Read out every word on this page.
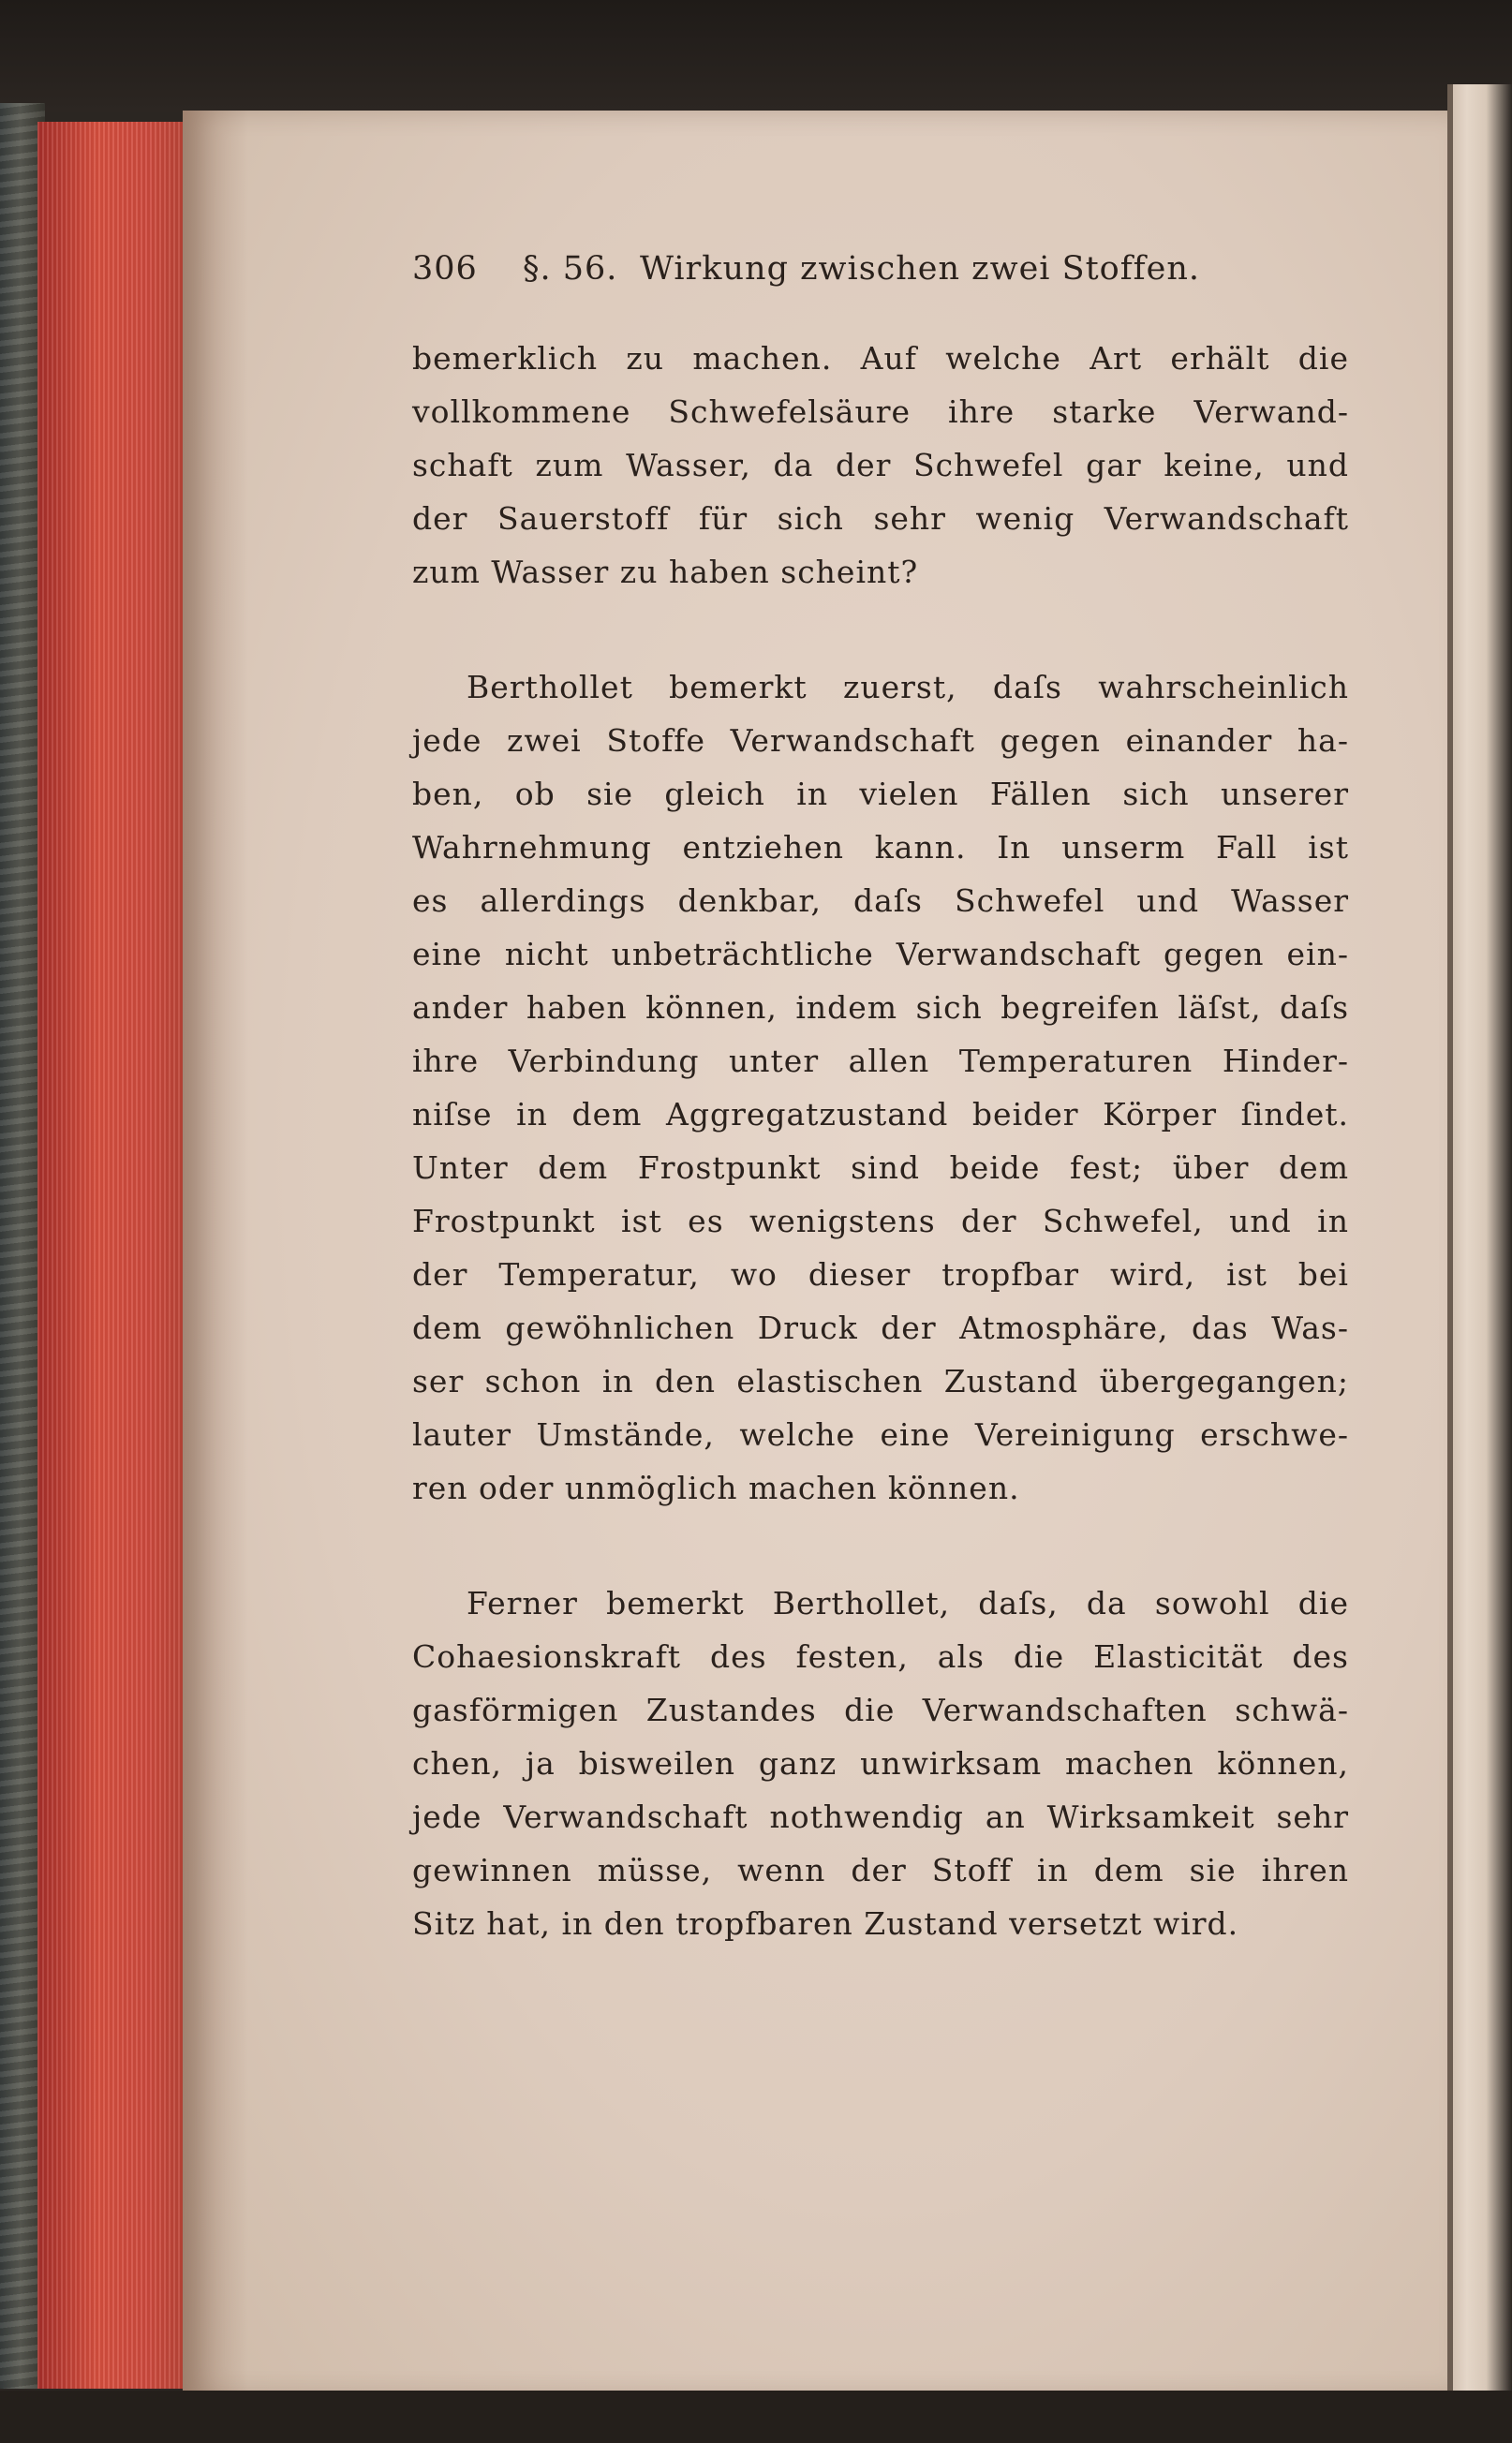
306 §. 56. Wirkung zwischen zwei Stoffen.
bemerklich zu machen. Auf welche Art erhält die
vollkommene Schwefelsäure ihre starke Verwand-
schaft zum Wasser, da der Schwefel gar keine, und
der Sauerstoff für sich sehr wenig Verwandschaft
zum Wasser zu haben scheint?
Berthollet bemerkt zuerst, daſs wahrscheinlich
jede zwei Stoffe Verwandschaft gegen einander ha-
ben, ob sie gleich in vielen Fällen sich unserer
Wahrnehmung entziehen kann. In unserm Fall ist
es allerdings denkbar, daſs Schwefel und Wasser
eine nicht unbeträchtliche Verwandschaft gegen ein-
ander haben können, indem sich begreifen läſst, daſs
ihre Verbindung unter allen Temperaturen Hinder-
niſse in dem Aggregatzustand beider Körper ſindet.
Unter dem Frostpunkt sind beide fest; über dem
Frostpunkt ist es wenigstens der Schwefel, und in
der Temperatur, wo dieser tropfbar wird, ist bei
dem gewöhnlichen Druck der Atmosphäre, das Was-
ser schon in den elastischen Zustand übergegangen;
lauter Umstände, welche eine Vereinigung erschwe-
ren oder unmöglich machen können.
Ferner bemerkt Berthollet, daſs, da sowohl die
Cohaesionskraft des festen, als die Elasticität des
gasförmigen Zustandes die Verwandschaften schwä-
chen, ja bisweilen ganz unwirksam machen können,
jede Verwandschaft nothwendig an Wirksamkeit sehr
gewinnen müsse, wenn der Stoff in dem sie ihren
Sitz hat, in den tropfbaren Zustand versetzt wird.
